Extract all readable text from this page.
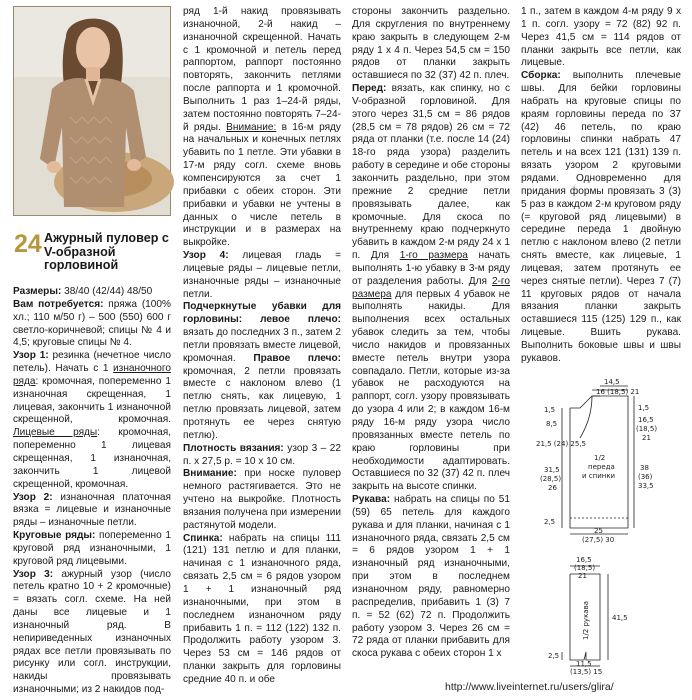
24 Ажурный пуловер с V-образной горловиной

Размеры: 38/40 (42/44) 48/50

Вам потребуется: пряжа (100% хл.; 110 м/50 г) – 500 (550) 600 г светло-коричневой; спицы № 4 и 4,5; круговые спицы № 4.

Узор 1: резинка (нечетное число петель). Начать с 1 изнаночного ряда: кромочная, попеременно 1 изнаночная скрещенная, 1 лицевая, закончить 1 изнаночной скрещенной, кромочная. Лицевые ряды: кромочная, попеременно 1 лицевая скрещенная, 1 изнаночная, закончить 1 лицевой скрещенной, кромочная.

Узор 2: изнаночная платочная вязка = лицевые и изнаночные ряды – изнаночные петли.

Круговые ряды: попеременно 1 круговой ряд изнаночными, 1 круговой ряд лицевыми.

Узор 3: ажурный узор (число петель кратно 10 + 2 кромочные) = вязать согл. схеме. На ней даны все лицевые и 1 изнаночный ряд. В непириведенных изнаночных рядах все петли провязывать по рисунку или согл. инструкции, накиды провязывать изнаночными; из 2 накидов под-

ряд 1-й накид провязывать изнаночной, 2-й накид – изнаночной скрещенной. Начать с 1 кромочной и петель перед раппортом, раппорт постоянно повторять, закончить петлями после раппорта и 1 кромочной. Выполнить 1 раз 1–24-й ряды, затем постоянно повторять 7–24-й ряды. Внимание: в 16-м ряду на начальных и конечных петлях убавить по 1 петле. Эти убавки в 17-м ряду согл. схеме вновь компенсируются за счет 1 прибавки с обеих сторон. Эти прибавки и убавки не учтены в данных о числе петель в инструкции и в размерах на выкройке.

Узор 4: лицевая гладь = лицевые ряды – лицевые петли, изнаночные ряды – изнаночные петли.

Подчеркнутые убавки для горловины: левое плечо: вязать до последних 3 п., затем 2 петли провязать вместе лицевой, кромочная. Правое плечо: кромочная, 2 петли провязать вместе с наклоном влево (1 петлю снять, как лицевую, 1 петлю провязать лицевой, затем протянуть ее через снятую петлю).

Плотность вязания: узор 3 – 22 п. x 27,5 р. = 10 x 10 см.

Внимание: при носке пуловер немного растягивается. Это не учтено на выкройке. Плотность вязания получена при измерении растянутой модели.

Спинка: набрать на спицы 111 (121) 131 петлю и для планки, начиная с 1 изнаночного ряда, связать 2,5 см = 6 рядов узором 1 + 1 изнаночный ряд изнаночными, при этом в последнем изнаночном ряду прибавить 1 п. = 112 (122) 132 п. Продолжить работу узором 3. Через 53 см = 146 рядов от планки закрыть для горловины средние 40 п. и обе

стороны закончить раздельно. Для скругления по внутреннему краю закрыть в следующем 2-м ряду 1 x 4 п. Через 54,5 см = 150 рядов от планки закрыть оставшиеся по 32 (37) 42 п. плеч.

Перед: вязать, как спинку, но с V-образной горловиной. Для этого через 31,5 см = 86 рядов (28,5 см = 78 рядов) 26 см = 72 ряда от планки (т.е. после 14 (24) 18-го ряда узора) разделить работу в середине и обе стороны закончить раздельно, при этом прежние 2 средние петли провязывать далее, как кромочные. Для скоса по внутреннему краю подчеркнуто убавить в каждом 2-м ряду 24 x 1 п. Для 1-го размера начать выполнять 1-ю убавку в 3-м ряду от разделения работы. Для 2-го размера для первых 4 убавок не выполнять накиды. Для выполнения всех остальных убавок следить за тем, чтобы число накидов и провязанных вместе петель внутри узора совпадало. Петли, которые из-за убавок не расходуются на раппорт, согл. узору провязывать до узора 4 или 2; в каждом 16-м ряду 16-м ряду узора число провязанных вместе петель по краю горловины при необходимости адаптировать. Оставшиеся по 32 (37) 42 п. плеч закрыть на высоте спинки.

Рукава: набрать на спицы по 51 (59) 65 петель для каждого рукава и для планки, начиная с 1 изнаночного ряда, связать 2,5 см = 6 рядов узором 1 + 1 изнаночный ряд изнаночными, при этом в последнем изнаночном ряду, равномерно распределив, прибавить 1 (3) 7 п. = 52 (62) 72 п. Продолжить работу узором 3. Через 26 см = 72 ряда от планки прибавить для скоса рукава с обеих сторон 1 x

1 п., затем в каждом 4-м ряду 9 x 1 п. согл. узору = 72 (82) 92 п. Через 41,5 см = 114 рядов от планки закрыть все петли, как лицевые.

Сборка: выполнить плечевые швы. Для бейки горловины набрать на круговые спицы по краям горловины переда по 37 (42) 46 петель, по краю горловины спинки набрать 47 петель и на всех 121 (131) 139 п. вязать узором 2 круговыми рядами. Одновременно для придания формы провязать 3 (3) 5 раз в каждом 2-м круговом ряду (= круговой ряд лицевыми) в середине переда 1 двойную петлю с наклоном влево (2 петли снять вместе, как лицевые, 1 лицевая, затем протянуть ее через снятые петли). Через 7 (7) 11 круговых рядов от начала вязания планки закрыть оставшиеся 115 (125) 129 п., как лицевые. Вшить рукава. Выполнить боковые швы и швы рукавов.

14,5
16 (18,5) 21
1,5
8,5
21,5 (24) 25,5
31,5
(28,5)
26
2,5
1,5
16,5
(18,5)
21
38
(36)
33,5
1/2
переда
и спинки
25
(27,5) 30
16,5
(18,5)
21
2,5
41,5
1/2 рукава
11,5
(13,5) 15
http://www.liveinternet.ru/users/glira/
